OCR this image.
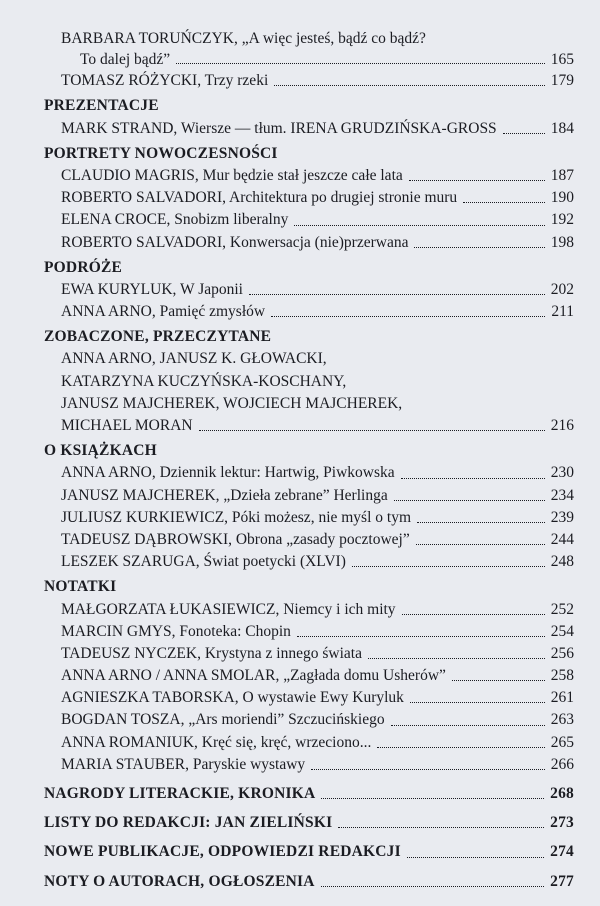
BARBARA TORUŃCZYK, „A więc jesteś, bądź co bądź?
To dalej bądź”	165
TOMASZ RÓŻYCKI, Trzy rzeki	179
PREZENTACJE
MARK STRAND, Wiersze — tłum. IRENA GRUDZIŃSKA-GROSS	184
PORTRETY NOWOCZESNOŚCI
CLAUDIO MAGRIS, Mur będzie stał jeszcze całe lata	187
ROBERTO SALVADORI, Architektura po drugiej stronie muru	190
ELENA CROCE, Snobizm liberalny	192
ROBERTO SALVADORI, Konwersacja (nie)przerwana	198
PODRÓŻE
EWA KURYLUK, W Japonii	202
ANNA ARNO, Pamięć zmysłów	211
ZOBACZONE, PRZECZYTANE
ANNA ARNO, JANUSZ K. GŁOWACKI,
KATARZYNA KUCZYŃSKA-KOSCHANY,
JANUSZ MAJCHEREK, WOJCIECH MAJCHEREK,
MICHAEL MORAN	216
O KSIĄŻKACH
ANNA ARNO, Dziennik lektur: Hartwig, Piwkowska	230
JANUSZ MAJCHEREK, „Dzieła zebrane” Herlinga	234
JULIUSZ KURKIEWICZ, Póki możesz, nie myśl o tym	239
TADEUSZ DĄBROWSKI, Obrona „zasady pocztowej”	244
LESZEK SZARUGA, Świat poetycki (XLVI)	248
NOTATKI
MAŁGORZATA ŁUKASIEWICZ, Niemcy i ich mity	252
MARCIN GMYS, Fonoteka: Chopin	254
TADEUSZ NYCZEK, Krystyna z innego świata	256
ANNA ARNO / ANNA SMOLAR, „Zagłada domu Usherów”	258
AGNIESZKA TABORSKA, O wystawie Ewy Kuryluk	261
BOGDAN TOSZA, „Ars moriendi” Szczucińskiego	263
ANNA ROMANIUK, Kręć się, kręć, wrzeciono...	265
MARIA STAUBER, Paryskie wystawy	266
NAGRODY LITERACKIE, KRONIKA	268
LISTY DO REDAKCJI: JAN ZIELIŃSKI	273
NOWE PUBLIKACJE, ODPOWIEDZI REDAKCJI	274
NOTY O AUTORACH, OGŁOSZENIA	277
